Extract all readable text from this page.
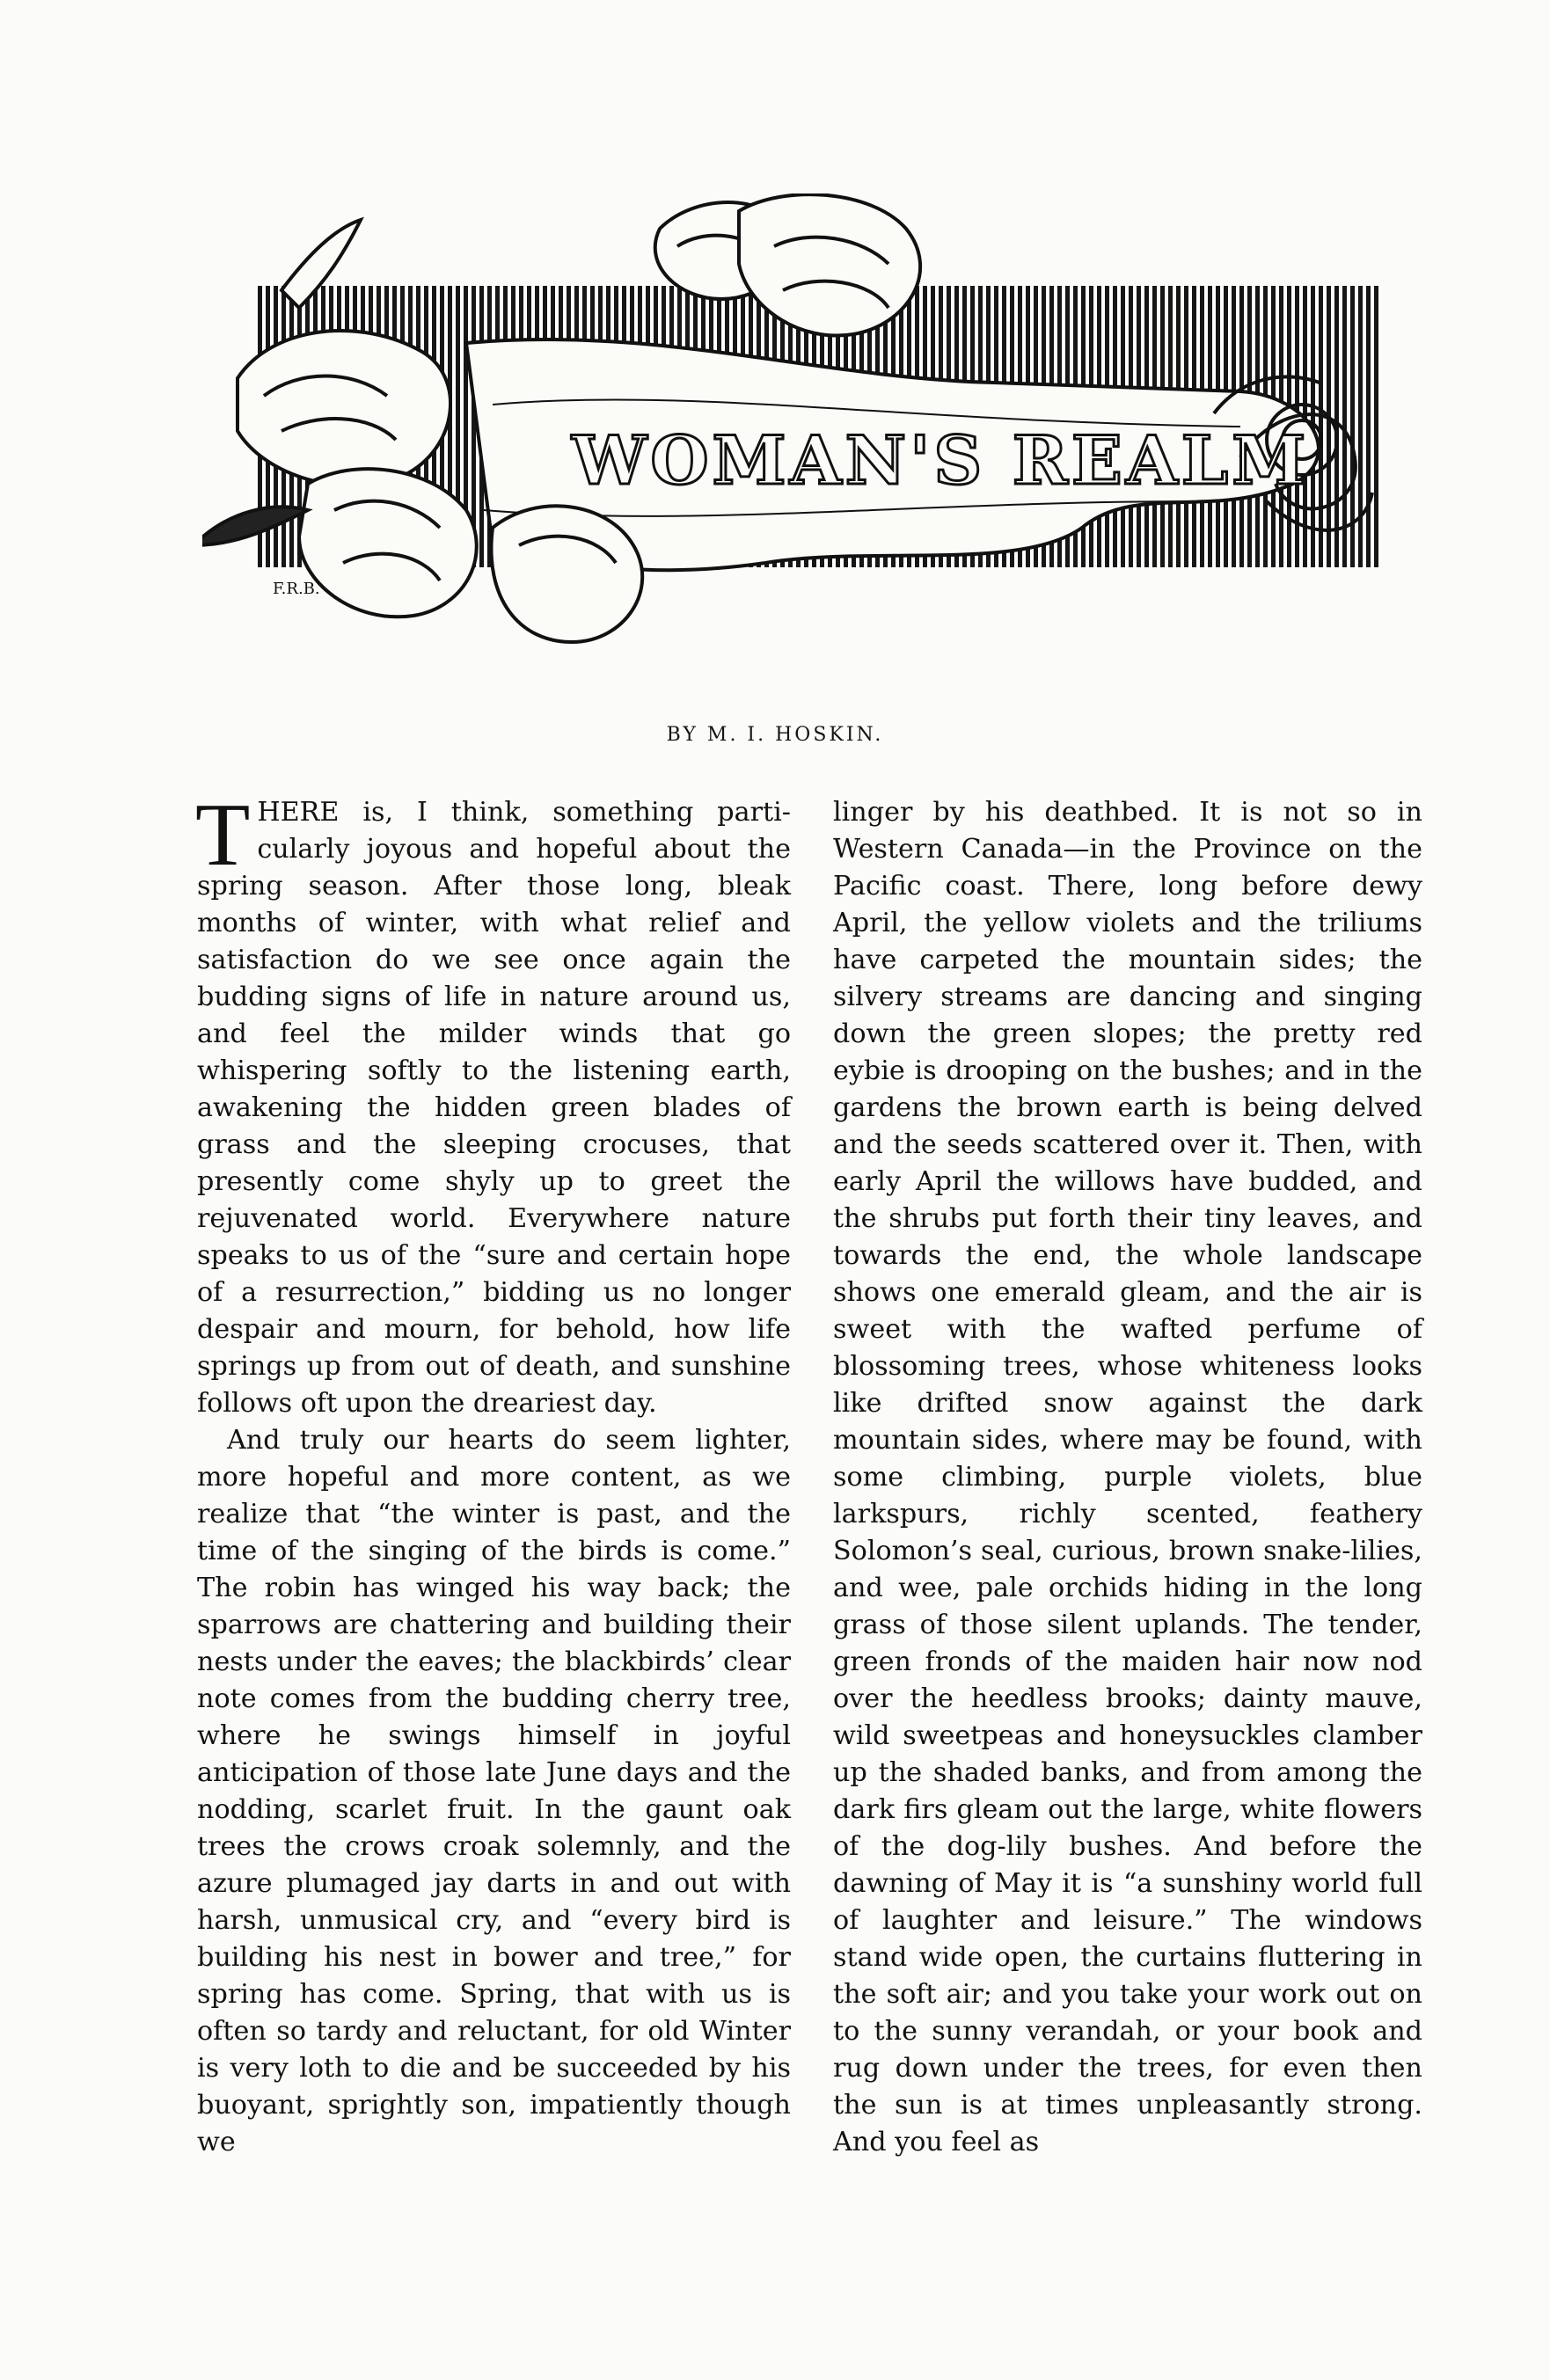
WOMAN'S REALM
F.R.B.
BY M. I. HOSKIN.

THERE is, I think, something particularly joyous and hopeful about the spring season. After those long, bleak months of winter, with what relief and satisfaction do we see once again the budding signs of life in nature around us, and feel the milder winds that go whispering softly to the listening earth, awakening the hidden green blades of grass and the sleeping crocuses, that presently come shyly up to greet the rejuvenated world. Everywhere nature speaks to us of the “sure and certain hope of a resurrection,” bidding us no longer despair and mourn, for behold, how life springs up from out of death, and sunshine follows oft upon the dreariest day.

And truly our hearts do seem lighter, more hopeful and more content, as we realize that “the winter is past, and the time of the singing of the birds is come.” The robin has winged his way back; the sparrows are chattering and building their nests under the eaves; the blackbirds’ clear note comes from the budding cherry tree, where he swings himself in joyful anticipation of those late June days and the nodding, scarlet fruit. In the gaunt oak trees the crows croak solemnly, and the azure plumaged jay darts in and out with harsh, unmusical cry, and “every bird is building his nest in bower and tree,” for spring has come. Spring, that with us is often so tardy and reluctant, for old Winter is very loth to die and be succeeded by his buoyant, sprightly son, impatiently though we

linger by his deathbed. It is not so in Western Canada—in the Province on the Pacific coast. There, long before dewy April, the yellow violets and the triliums have carpeted the mountain sides; the silvery streams are dancing and singing down the green slopes; the pretty red eybie is drooping on the bushes; and in the gardens the brown earth is being delved and the seeds scattered over it. Then, with early April the willows have budded, and the shrubs put forth their tiny leaves, and towards the end, the whole landscape shows one emerald gleam, and the air is sweet with the wafted perfume of blossoming trees, whose whiteness looks like drifted snow against the dark mountain sides, where may be found, with some climbing, purple violets, blue larkspurs, richly scented, feathery Solomon’s seal, curious, brown snake-lilies, and wee, pale orchids hiding in the long grass of those silent uplands. The tender, green fronds of the maiden hair now nod over the heedless brooks; dainty mauve, wild sweetpeas and honeysuckles clamber up the shaded banks, and from among the dark firs gleam out the large, white flowers of the dog-lily bushes. And before the dawning of May it is “a sunshiny world full of laughter and leisure.” The windows stand wide open, the curtains fluttering in the soft air; and you take your work out on to the sunny verandah, or your book and rug down under the trees, for even then the sun is at times unpleasantly strong. And you feel as
